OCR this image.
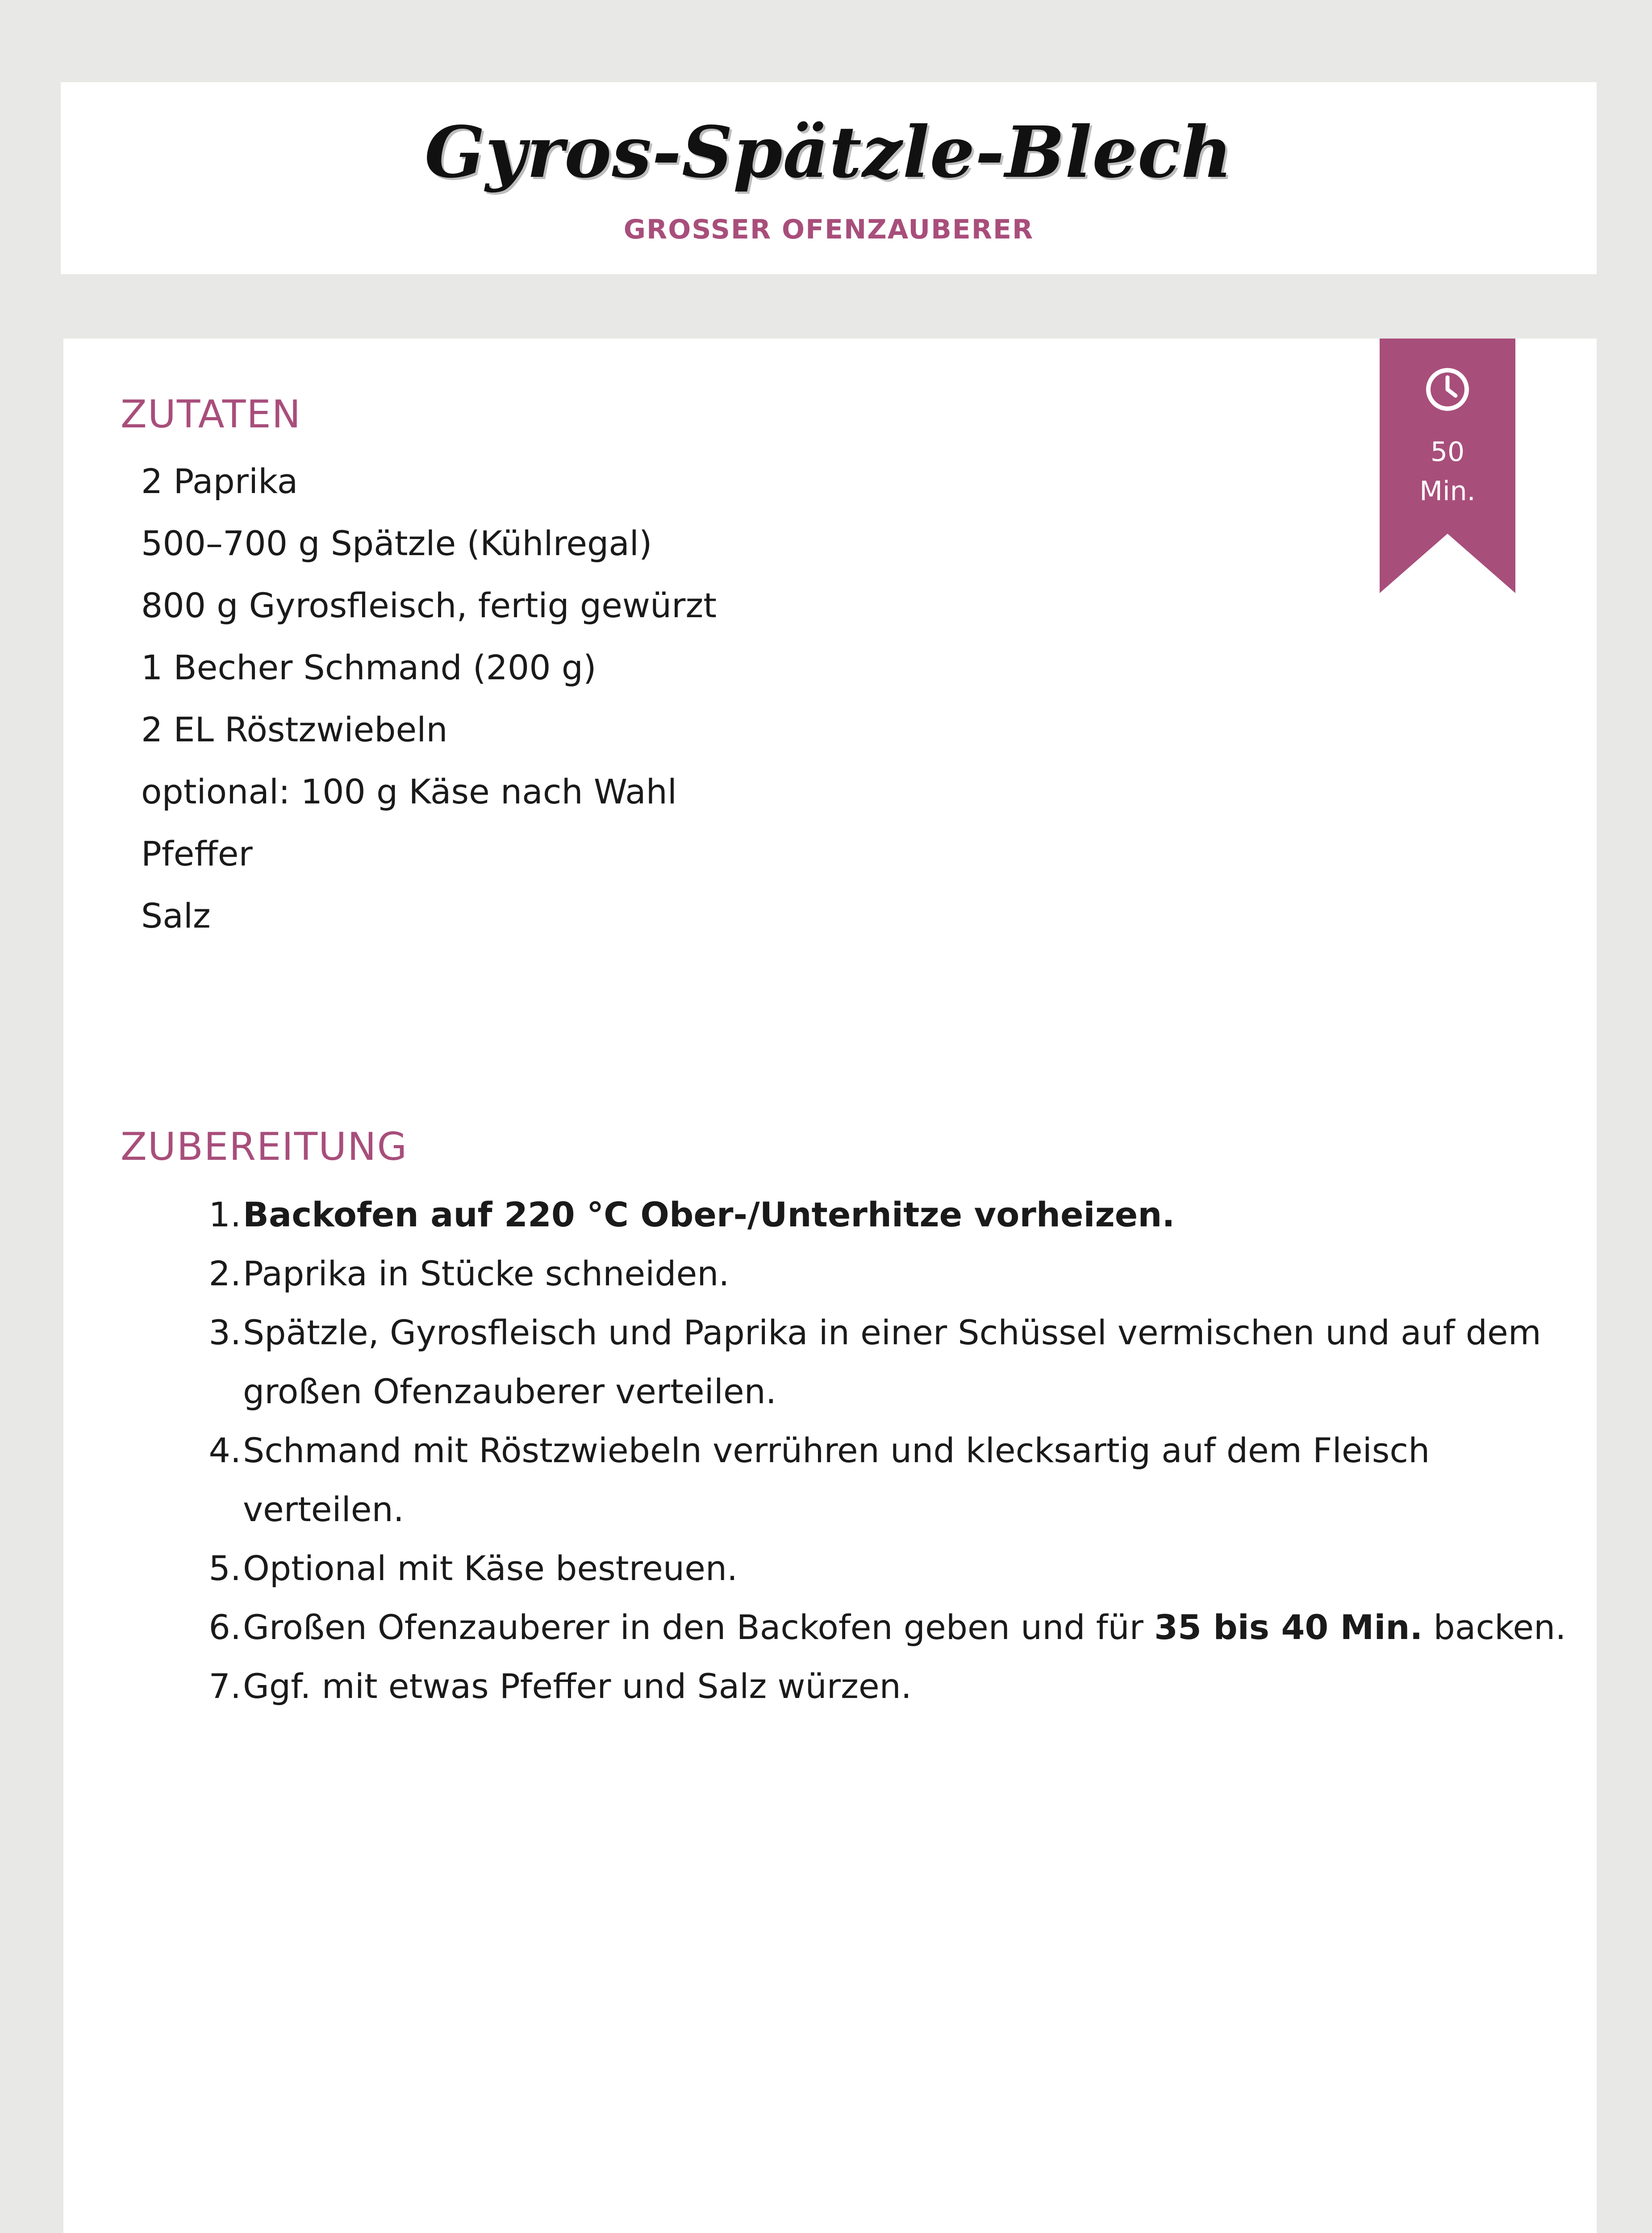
Gyros-Spätzle-Blech
GROSSER OFENZAUBERER
50
Min.
ZUTATEN
2 Paprika
500–700 g Spätzle (Kühlregal)
800 g Gyrosfleisch, fertig gewürzt
1 Becher Schmand (200 g)
2 EL Röstzwiebeln
optional: 100 g Käse nach Wahl
Pfeffer
Salz
ZUBEREITUNG
1. Backofen auf 220 °C Ober-/Unterhitze vorheizen.
2. Paprika in Stücke schneiden.
3. Spätzle, Gyrosfleisch und Paprika in einer Schüssel vermischen und auf dem großen Ofenzauberer verteilen.
4. Schmand mit Röstzwiebeln verrühren und klecksartig auf dem Fleisch verteilen.
5. Optional mit Käse bestreuen.
6. Großen Ofenzauberer in den Backofen geben und für 35 bis 40 Min. backen.
7. Ggf. mit etwas Pfeffer und Salz würzen.
